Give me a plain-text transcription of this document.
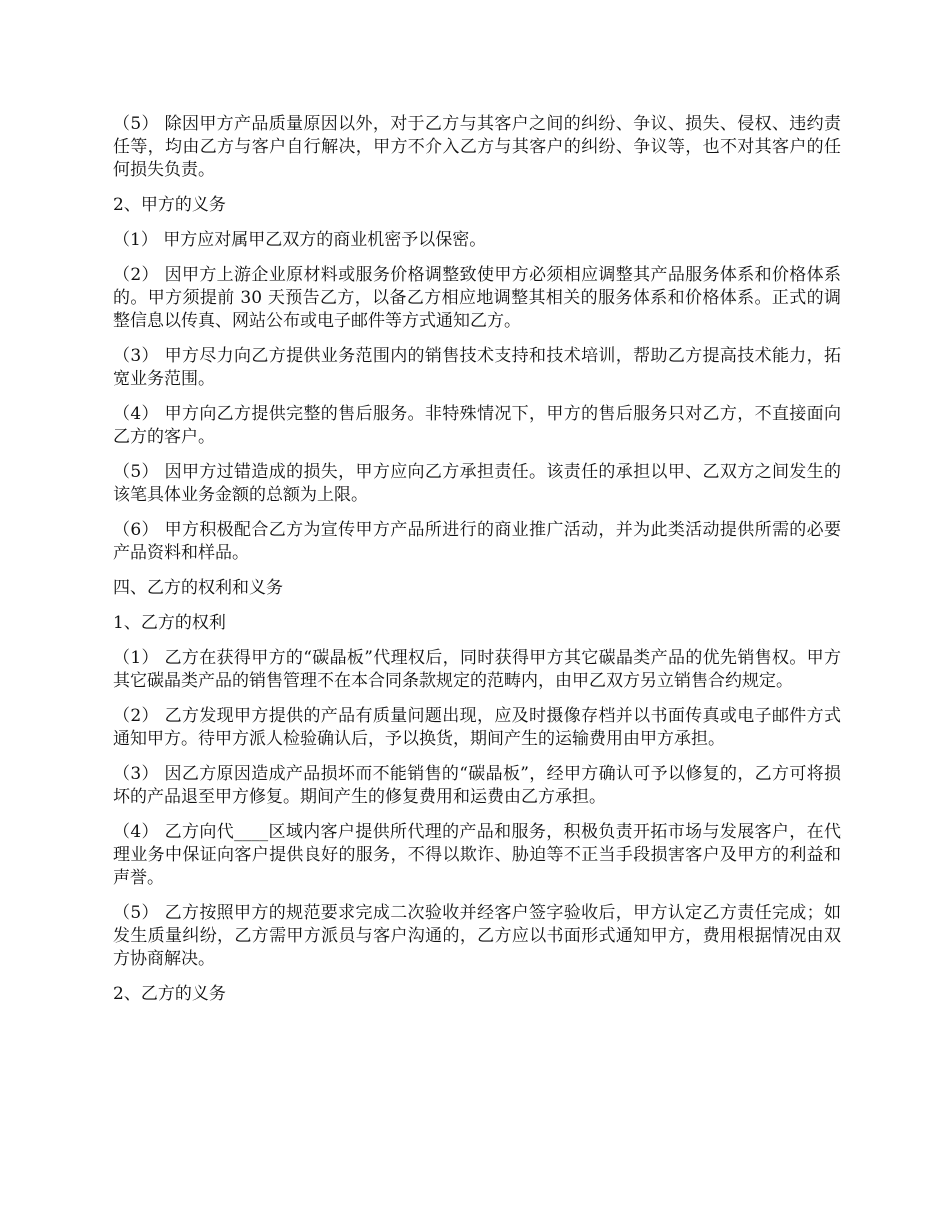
（5） 除因甲方产品质量原因以外，对于乙方与其客户之间的纠纷、争议、损失、侵权、违约责任等，均由乙方与客户自行解决，甲方不介入乙方与其客户的纠纷、争议等，也不对其客户的任何损失负责。

2、甲方的义务

（1） 甲方应对属甲乙双方的商业机密予以保密。

（2） 因甲方上游企业原材料或服务价格调整致使甲方必须相应调整其产品服务体系和价格体系的。甲方须提前 30 天预告乙方，以备乙方相应地调整其相关的服务体系和价格体系。正式的调整信息以传真、网站公布或电子邮件等方式通知乙方。

（3） 甲方尽力向乙方提供业务范围内的销售技术支持和技术培训，帮助乙方提高技术能力，拓宽业务范围。

（4） 甲方向乙方提供完整的售后服务。非特殊情况下，甲方的售后服务只对乙方，不直接面向乙方的客户。

（5） 因甲方过错造成的损失，甲方应向乙方承担责任。该责任的承担以甲、乙双方之间发生的该笔具体业务金额的总额为上限。

（6） 甲方积极配合乙方为宣传甲方产品所进行的商业推广活动，并为此类活动提供所需的必要产品资料和样品。

四、乙方的权利和义务

1、乙方的权利

（1） 乙方在获得甲方的“碳晶板”代理权后，同时获得甲方其它碳晶类产品的优先销售权。甲方其它碳晶类产品的销售管理不在本合同条款规定的范畴内，由甲乙双方另立销售合约规定。

（2） 乙方发现甲方提供的产品有质量问题出现，应及时摄像存档并以书面传真或电子邮件方式通知甲方。待甲方派人检验确认后，予以换货，期间产生的运输费用由甲方承担。

（3） 因乙方原因造成产品损坏而不能销售的“碳晶板”，经甲方确认可予以修复的，乙方可将损坏的产品退至甲方修复。期间产生的修复费用和运费由乙方承担。

（4） 乙方向代____区域内客户提供所代理的产品和服务，积极负责开拓市场与发展客户，在代理业务中保证向客户提供良好的服务，不得以欺诈、胁迫等不正当手段损害客户及甲方的利益和声誉。

（5） 乙方按照甲方的规范要求完成二次验收并经客户签字验收后，甲方认定乙方责任完成；如发生质量纠纷，乙方需甲方派员与客户沟通的，乙方应以书面形式通知甲方，费用根据情况由双方协商解决。

2、乙方的义务
